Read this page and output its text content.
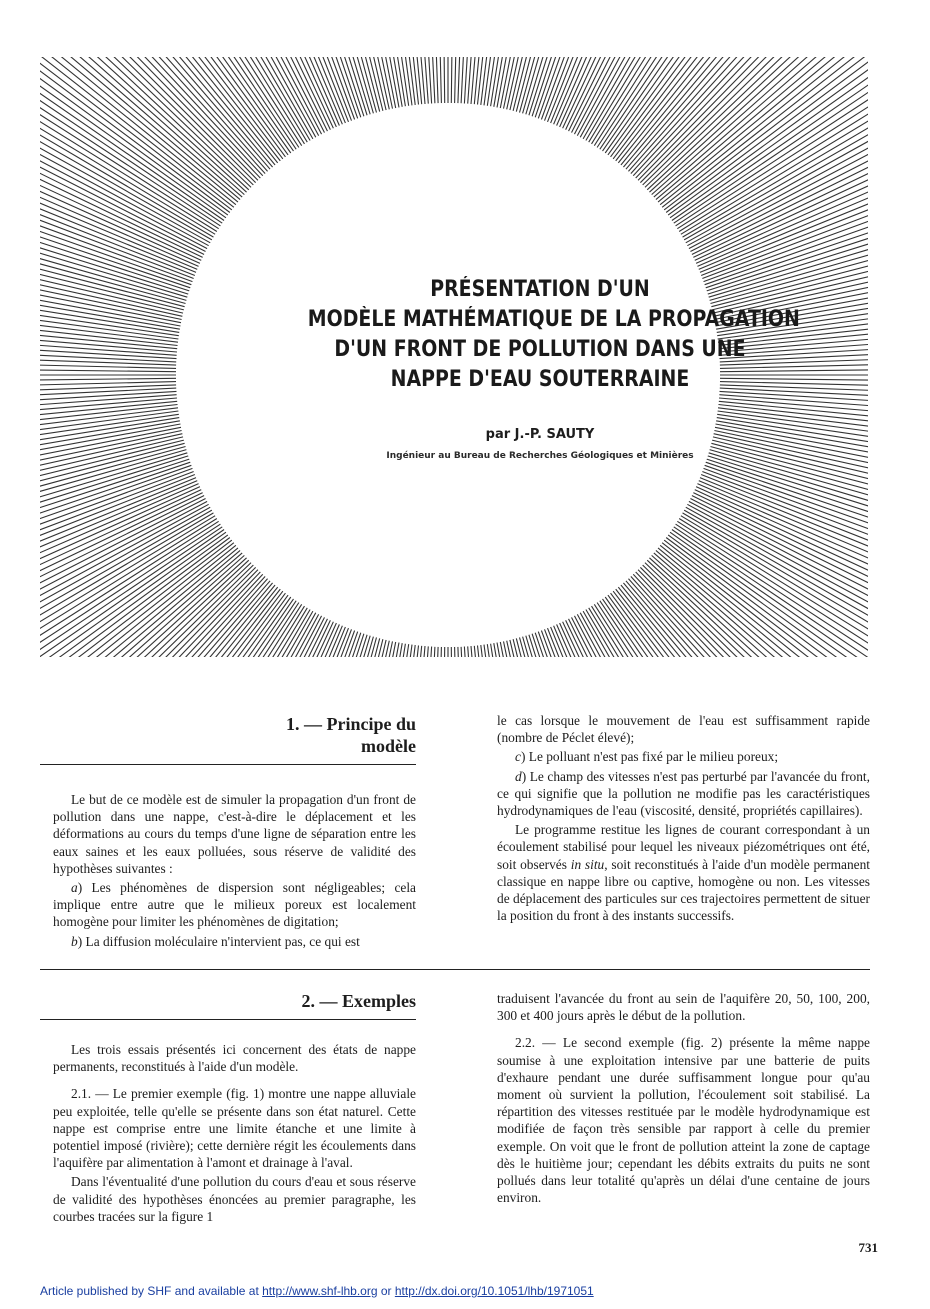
PRÉSENTATION D'UN
MODÈLE MATHÉMATIQUE DE LA PROPAGATION
D'UN FRONT DE POLLUTION DANS UNE
NAPPE D'EAU SOUTERRAINE
par J.-P. SAUTY
Ingénieur au Bureau de Recherches Géologiques et Minières
1. — Principe du
modèle

Le but de ce modèle est de simuler la propagation d'un front de pollution dans une nappe, c'est-à-dire le déplacement et les déformations au cours du temps d'une ligne de séparation entre les eaux saines et les eaux polluées, sous réserve de validité des hypothèses suivantes :

a) Les phénomènes de dispersion sont négligeables; cela implique entre autre que le milieux poreux est localement homogène pour limiter les phénomènes de digitation;

b) La diffusion moléculaire n'intervient pas, ce qui est

le cas lorsque le mouvement de l'eau est suffisamment rapide (nombre de Péclet élevé);

c) Le polluant n'est pas fixé par le milieu poreux;

d) Le champ des vitesses n'est pas perturbé par l'avancée du front, ce qui signifie que la pollution ne modifie pas les caractéristiques hydrodynamiques de l'eau (viscosité, densité, propriétés capillaires).

Le programme restitue les lignes de courant correspondant à un écoulement stabilisé pour lequel les niveaux piézométriques ont été, soit observés in situ, soit reconstitués à l'aide d'un modèle permanent classique en nappe libre ou captive, homogène ou non. Les vitesses de déplacement des particules sur ces trajectoires permettent de situer la position du front à des instants successifs.

2. — Exemples

Les trois essais présentés ici concernent des états de nappe permanents, reconstitués à l'aide d'un modèle.

2.1. — Le premier exemple (fig. 1) montre une nappe alluviale peu exploitée, telle qu'elle se présente dans son état naturel. Cette nappe est comprise entre une limite étanche et une limite à potentiel imposé (rivière); cette dernière régit les écoulements dans l'aquifère par alimentation à l'amont et drainage à l'aval.

Dans l'éventualité d'une pollution du cours d'eau et sous réserve de validité des hypothèses énoncées au premier paragraphe, les courbes tracées sur la figure 1

traduisent l'avancée du front au sein de l'aquifère 20, 50, 100, 200, 300 et 400 jours après le début de la pollution.

2.2. — Le second exemple (fig. 2) présente la même nappe soumise à une exploitation intensive par une batterie de puits d'exhaure pendant une durée suffisamment longue pour qu'au moment où survient la pollution, l'écoulement soit stabilisé. La répartition des vitesses restituée par le modèle hydrodynamique est modifiée de façon très sensible par rapport à celle du premier exemple. On voit que le front de pollution atteint la zone de captage dès le huitième jour; cependant les débits extraits du puits ne sont pollués dans leur totalité qu'après un délai d'une centaine de jours environ.

731
Article published by SHF and available at http://www.shf-lhb.org or http://dx.doi.org/10.1051/lhb/1971051
